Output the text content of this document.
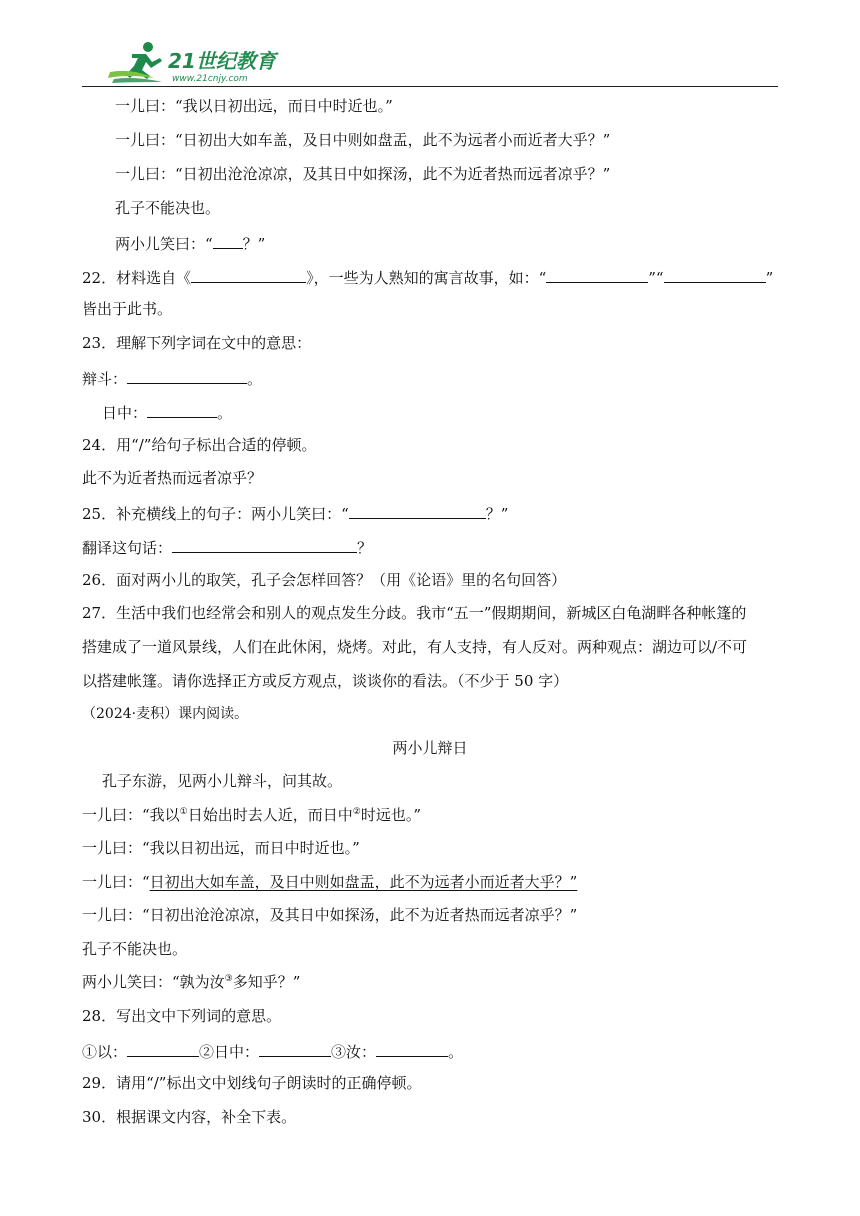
21世纪教育
www.21cnjy.com
一儿曰：“我以日初出远，而日中时近也。”
一儿曰：“日初出大如车盖，及日中则如盘盂，此不为远者小而近者大乎？”
一儿曰：“日初出沧沧凉凉，及其日中如探汤，此不为近者热而远者凉乎？”
孔子不能决也。
两小儿笑曰：“ ？”
22．材料选自《	》，一些为人熟知的寓言故事，如：“	”“	”
皆出于此书。
23．理解下列字词在文中的意思：
辩斗：	。
日中：	。
24．用“/”给句子标出合适的停顿。
此不为近者热而远者凉乎？
25．补充横线上的句子：两小儿笑曰：“	？”
翻译这句话：	？
26．面对两小儿的取笑，孔子会怎样回答？（用《论语》里的名句回答）
27．生活中我们也经常会和别人的观点发生分歧。我市“五一”假期期间，新城区白龟湖畔各种帐篷的
搭建成了一道风景线，人们在此休闲，烧烤。对此，有人支持，有人反对。两种观点：湖边可以/不可
以搭建帐篷。请你选择正方或反方观点，谈谈你的看法。（不少于 50 字）
（2024·麦积）课内阅读。
两小儿辩日
孔子东游，见两小儿辩斗，问其故。
一儿曰：“我以①日始出时去人近，而日中②时远也。”
一儿曰：“我以日初出远，而日中时近也。”
一儿曰：“日初出大如车盖，及日中则如盘盂，此不为远者小而近者大乎？”
一儿曰：“日初出沧沧凉凉，及其日中如探汤，此不为近者热而远者凉乎？”
孔子不能决也。
两小儿笑曰：“孰为汝③多知乎？”
28．写出文中下列词的意思。
①以：	②日中：	③汝：	。
29．请用“/”标出文中划线句子朗读时的正确停顿。
30．根据课文内容，补全下表。
